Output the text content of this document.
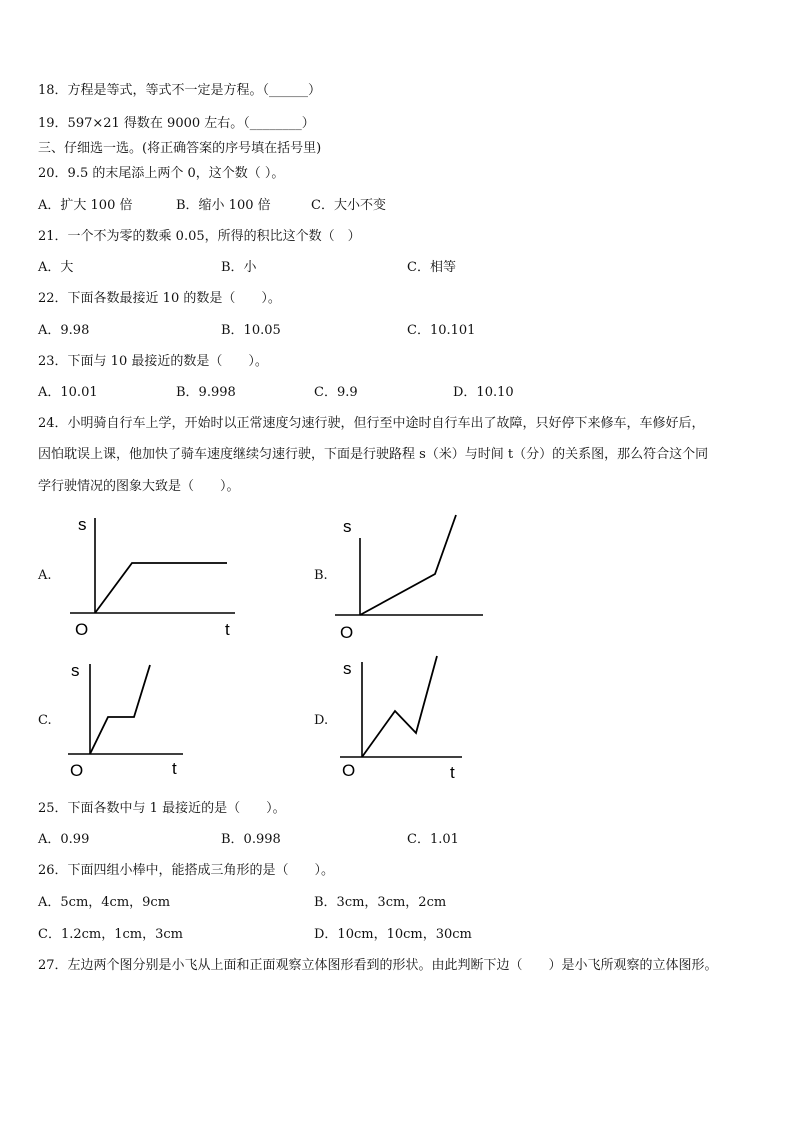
18．方程是等式，等式不一定是方程。（______）
19．597×21 得数在 9000 左右。（________）
三、仔细选一选。(将正确答案的序号填在括号里)
20．9.5 的末尾添上两个 0，这个数（ ）。
A．扩大 100 倍	B．缩小 100 倍	C．大小不变
21．一个不为零的数乘 0.05，所得的积比这个数（　）
A．大	B．小	C．相等
22．下面各数最接近 10 的数是（　　）。
A．9.98	B．10.05	C．10.101
23．下面与 10 最接近的数是（　　）。
A．10.01	B．9.998	C．9.9	D．10.10
24．小明骑自行车上学，开始时以正常速度匀速行驶，但行至中途时自行车出了故障，只好停下来修车，车修好后，
因怕耽误上课，他加快了骑车速度继续匀速行驶，下面是行驶路程 s（米）与时间 t（分）的关系图，那么符合这个同
学行驶情况的图象大致是（　　）。
A.
s
O	t
B.
s
O
C.
s
O	t
D.
s
O	t
25．下面各数中与 1 最接近的是（　　）。
A．0.99	B．0.998	C．1.01
26．下面四组小棒中，能搭成三角形的是（　　）。
A．5cm，4cm，9cm	B．3cm，3cm，2cm
C．1.2cm，1cm，3cm	D．10cm，10cm，30cm
27．左边两个图分别是小飞从上面和正面观察立体图形看到的形状。由此判断下边（　　）是小飞所观察的立体图形。
